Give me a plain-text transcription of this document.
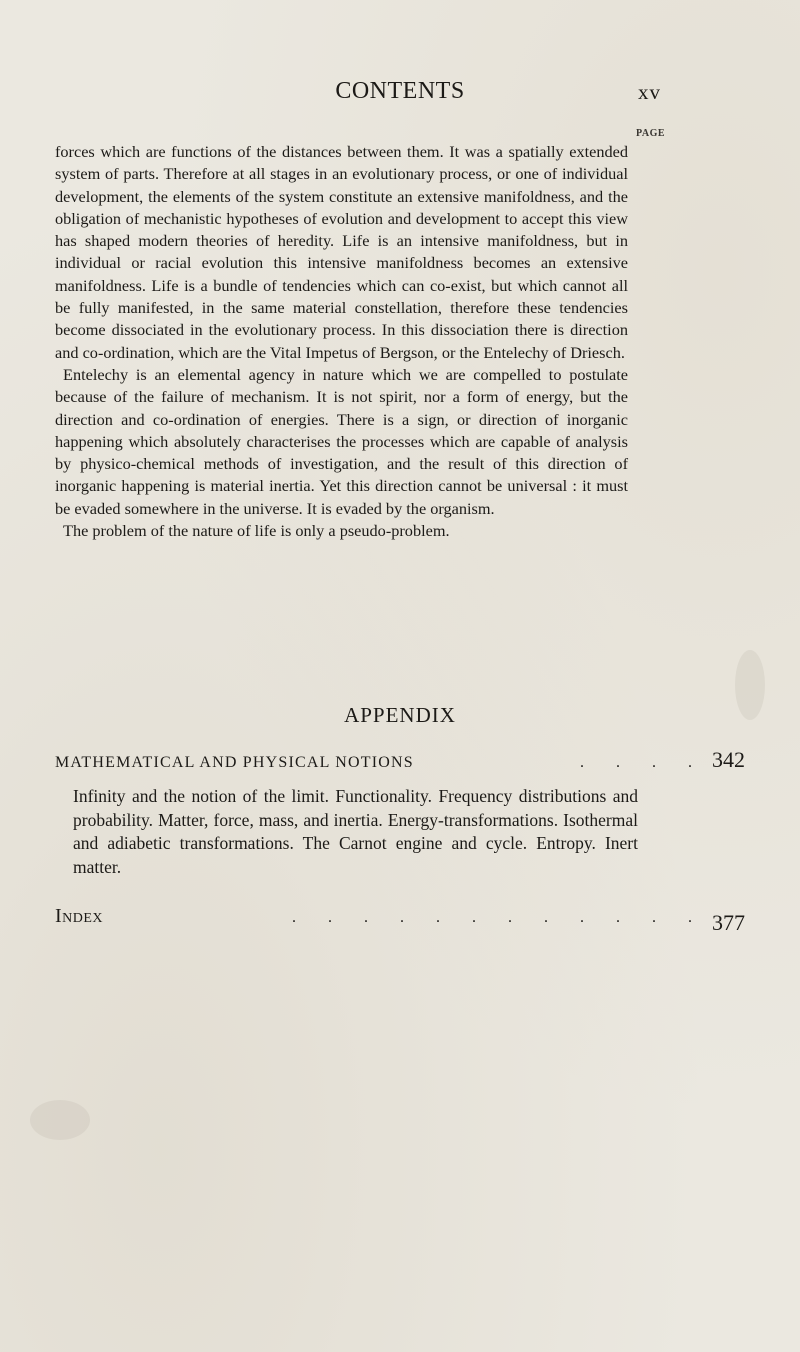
CONTENTS	xv
PAGE

forces which are functions of the distances between them. It was a spatially extended system of parts. Therefore at all stages in an evolutionary process, or one of individual development, the elements of the system constitute an extensive manifoldness, and the obligation of mechanistic hypotheses of evolution and development to accept this view has shaped modern theories of heredity. Life is an intensive manifoldness, but in individual or racial evolution this intensive manifoldness becomes an extensive manifoldness. Life is a bundle of tendencies which can co-exist, but which cannot all be fully manifested, in the same material constellation, therefore these tendencies become dissociated in the evolutionary process. In this dissociation there is direction and co-ordination, which are the Vital Impetus of Bergson, or the Entelechy of Driesch.

Entelechy is an elemental agency in nature which we are compelled to postulate because of the failure of mechanism. It is not spirit, nor a form of energy, but the direction and co-ordination of energies. There is a sign, or direction of inorganic happening which absolutely characterises the processes which are capable of analysis by physico-chemical methods of investigation, and the result of this direction of inorganic happening is material inertia. Yet this direction cannot be universal : it must be evaded somewhere in the universe. It is evaded by the organism.

The problem of the nature of life is only a pseudo-problem.

APPENDIX
MATHEMATICAL AND PHYSICAL NOTIONS	. . . . 342
Infinity and the notion of the limit. Functionality. Frequency distributions and probability. Matter, force, mass, and inertia. Energy-transformations. Isothermal and adiabetic transformations. The Carnot engine and cycle. Entropy. Inert matter.
Index	. . . . . . . . . . . . 377
